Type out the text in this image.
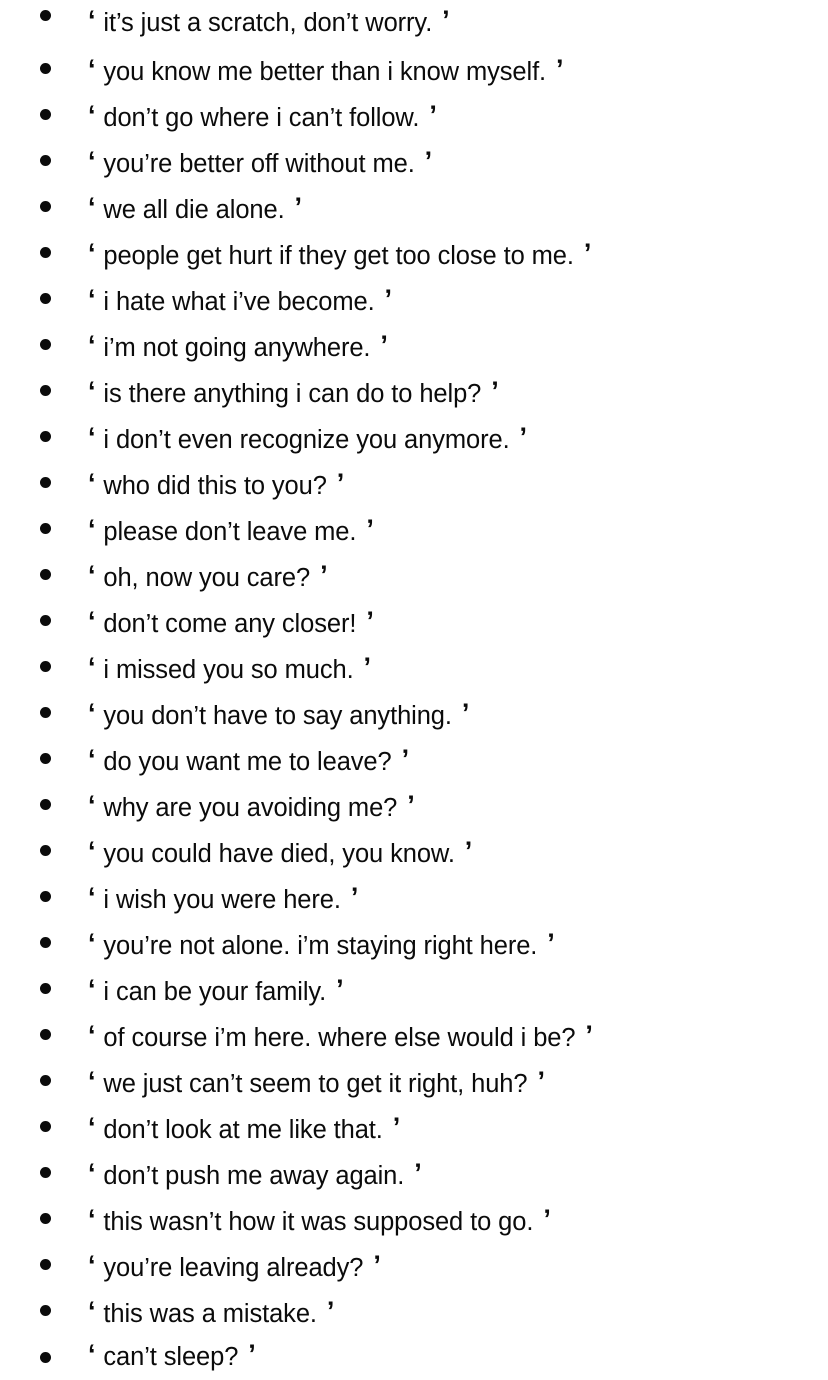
‘ it’s just a scratch, don’t worry. ’
‘ you know me better than i know myself. ’
‘ don’t go where i can’t follow. ’
‘ you’re better off without me. ’
‘ we all die alone. ’
‘ people get hurt if they get too close to me. ’
‘ i hate what i’ve become. ’
‘ i’m not going anywhere. ’
‘ is there anything i can do to help? ’
‘ i don’t even recognize you anymore. ’
‘ who did this to you? ’
‘ please don’t leave me. ’
‘ oh, now you care? ’
‘ don’t come any closer! ’
‘ i missed you so much. ’
‘ you don’t have to say anything. ’
‘ do you want me to leave? ’
‘ why are you avoiding me? ’
‘ you could have died, you know. ’
‘ i wish you were here. ’
‘ you’re not alone. i’m staying right here. ’
‘ i can be your family. ’
‘ of course i’m here. where else would i be? ’
‘ we just can’t seem to get it right, huh? ’
‘ don’t look at me like that. ’
‘ don’t push me away again. ’
‘ this wasn’t how it was supposed to go. ’
‘ you’re leaving already? ’
‘ this was a mistake. ’
‘ can’t sleep? ’
